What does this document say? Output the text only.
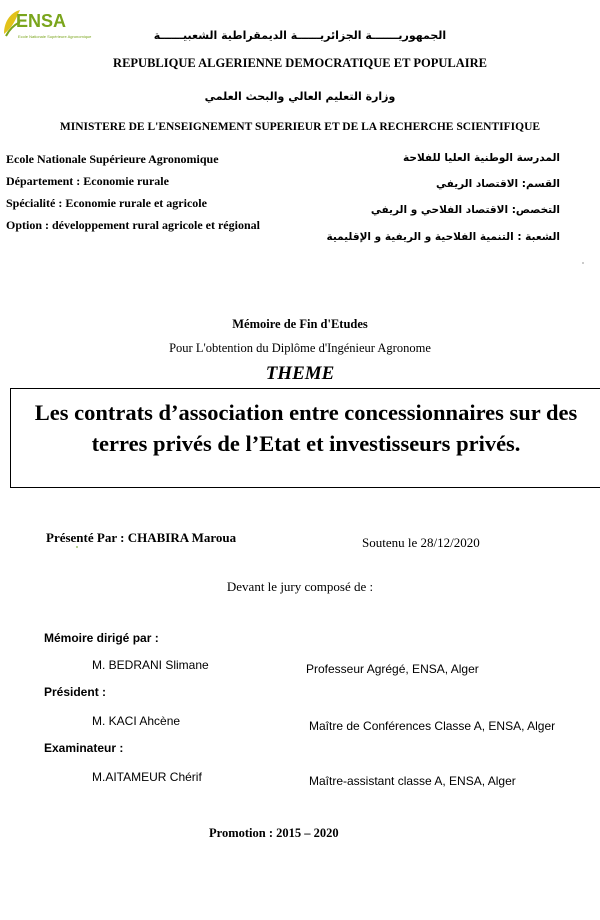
ENSA
Ecole Nationale Supérieure Agronomique	الجمهوريـــــــة الجزائريــــــة الديمقراطية الشعبيــــــة
REPUBLIQUE ALGERIENNE DEMOCRATIQUE ET POPULAIRE
وزارة التعليم العالي والبحث العلمي
MINISTERE DE L'ENSEIGNEMENT SUPERIEUR ET DE LA RECHERCHE SCIENTIFIQUE
Ecole Nationale Supérieure Agronomique
Département : Economie rurale
Spécialité : Economie rurale et agricole
Option : développement rural agricole et régional
المدرسة الوطنية العليا للفلاحة
القسم: الاقتصاد الريفي
التخصص: الاقتصاد الفلاحي و الريفي
الشعبة : التنمية الفلاحية و الريفية و الإقليمية
Mémoire de Fin d'Etudes
Pour L'obtention du Diplôme d'Ingénieur Agronome
THEME
Les contrats d’association entre concessionnaires sur des
terres privés de l’Etat et investisseurs privés.
Présenté Par : CHABIRA Maroua	Soutenu le 28/12/2020
Devant le jury composé de :
Mémoire dirigé par :
M. BEDRANI Slimane	Professeur Agrégé, ENSA, Alger
Président :
M. KACI Ahcène	Maître de Conférences Classe A, ENSA, Alger
Examinateur :
M.AITAMEUR Chérif	Maître-assistant classe A, ENSA, Alger
Promotion : 2015 – 2020
